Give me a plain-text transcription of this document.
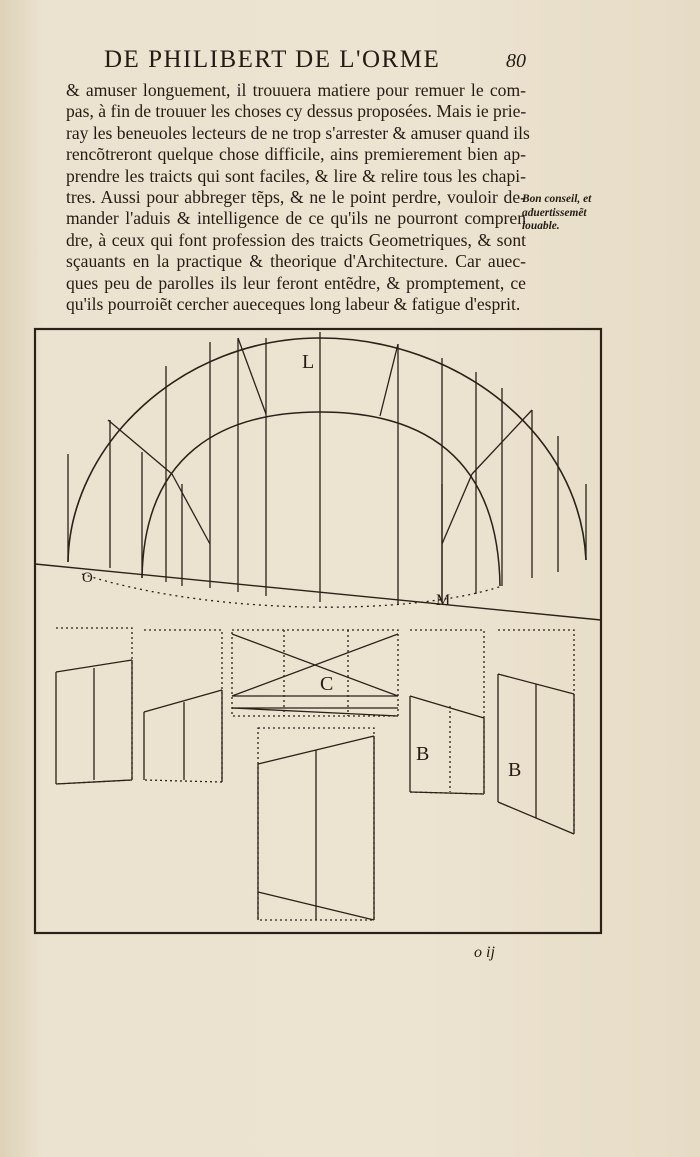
DE PHILIBERT DE L'ORME	80
& amuser longuement, il trouuera matiere pour remuer le com-
pas, à fin de trouuer les choses cy dessus proposées. Mais ie prie-
ray les beneuoles lecteurs de ne trop s'arrester & amuser quand ils
rencõtreront quelque chose difficile, ains premierement bien ap-
prendre les traicts qui sont faciles, & lire & relire tous les chapi-
tres. Aussi pour abbreger tẽps, & ne le point perdre, vouloir de-
mander l'aduis & intelligence de ce qu'ils ne pourront compren
dre, à ceux qui font profession des traicts Geometriques, & sont
sçauants en la practique & theorique d'Architecture. Car auec-
ques peu de parolles ils leur feront entẽdre, & promptement, ce
qu'ils pourroiẽt cercher aueceques long labeur & fatigue d'esprit.
Bon conseil, et
aduertissemẽt
louable.
L
O
M
C
B
B
o ij
